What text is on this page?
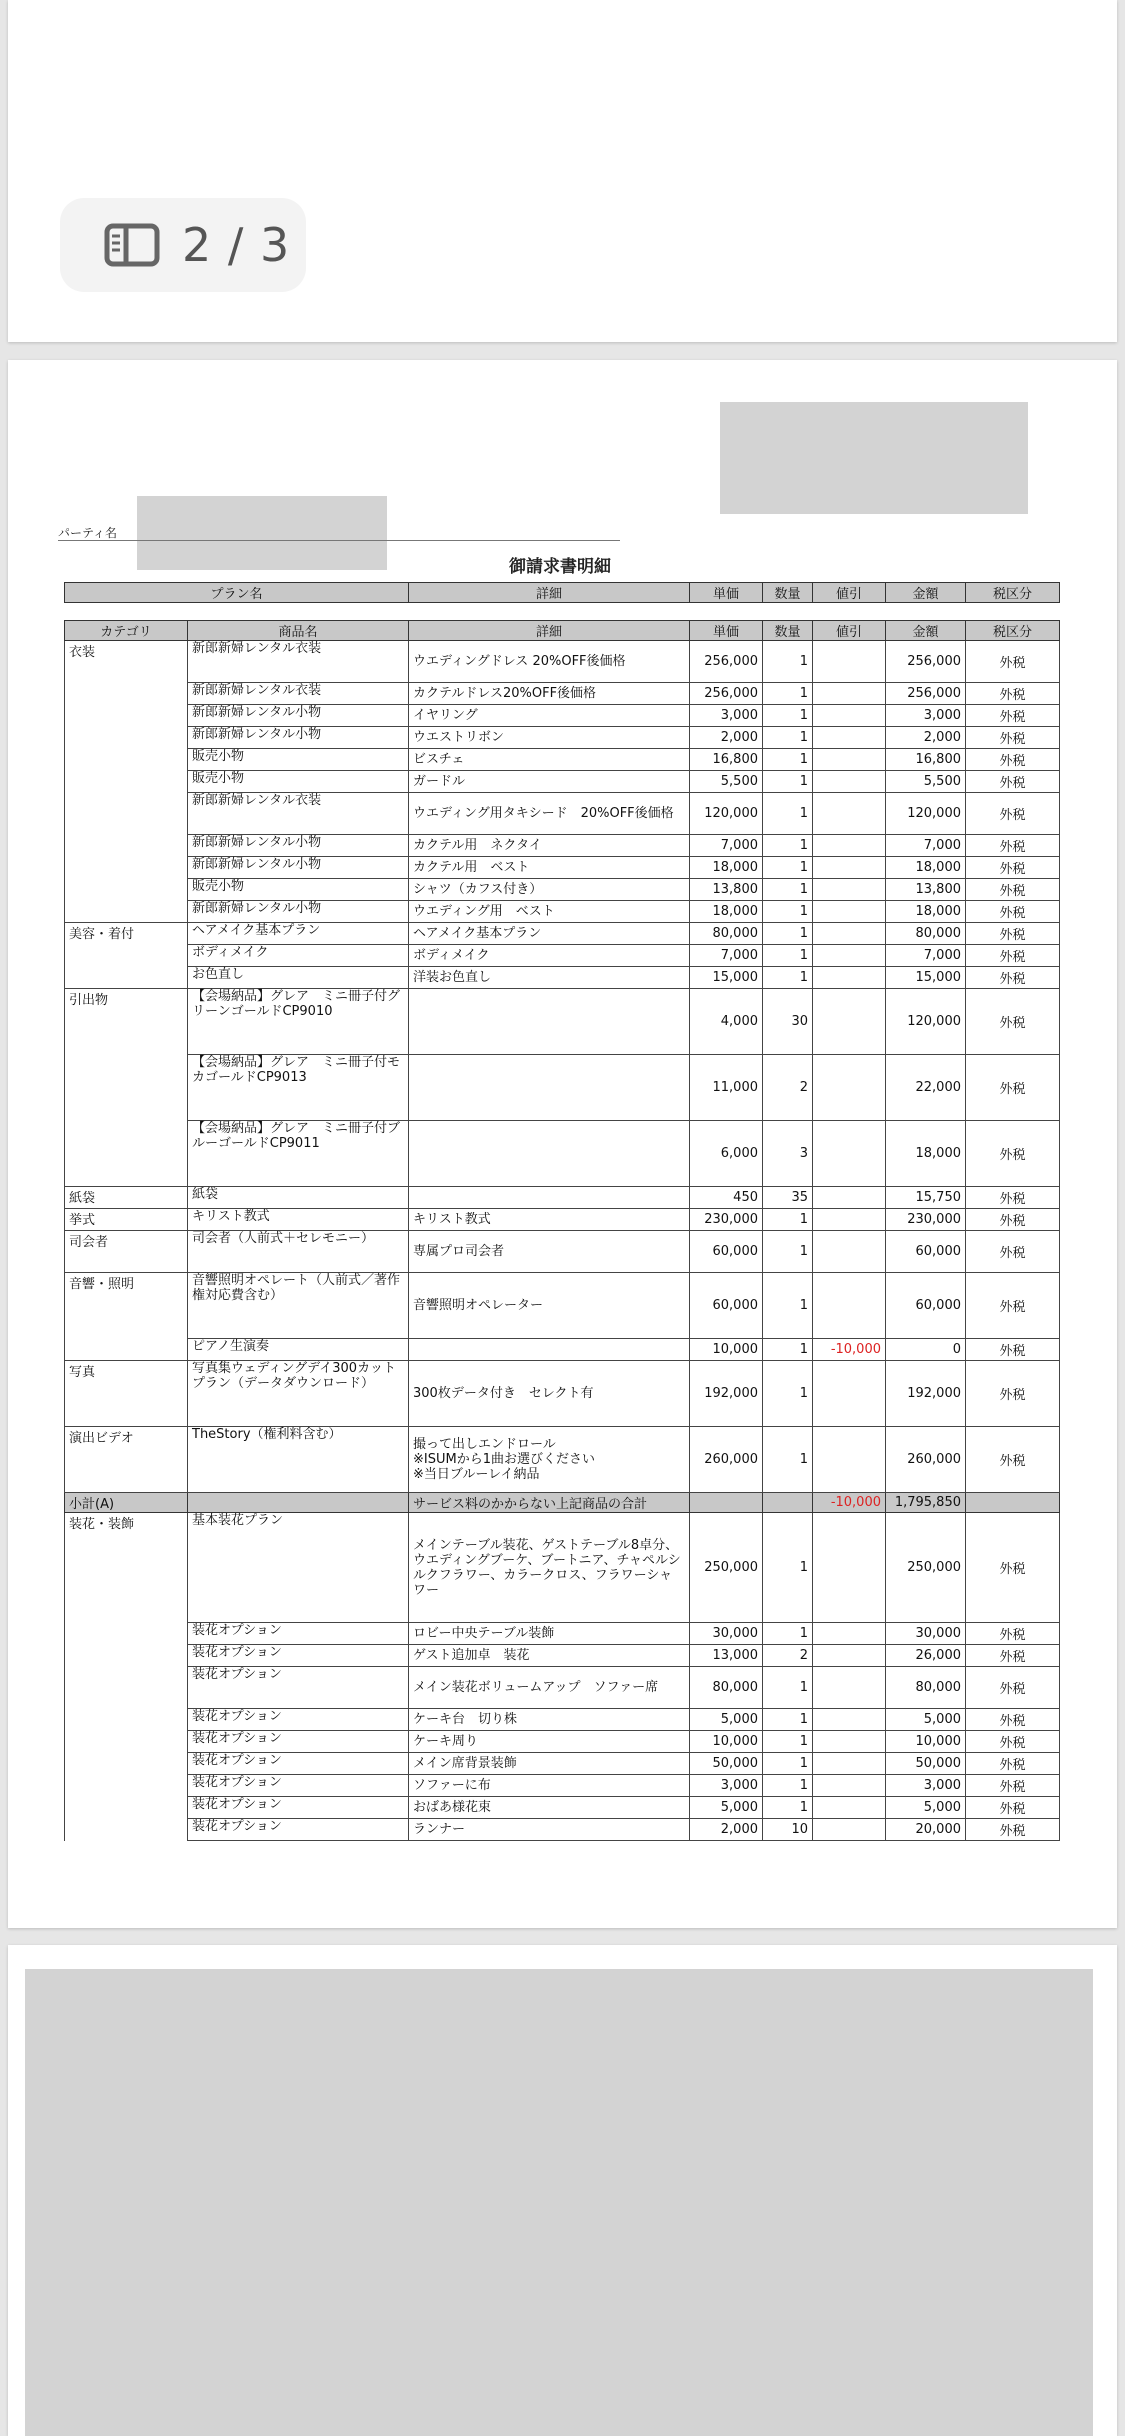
2 / 3
パーティ名
御請求書明細
プラン名	詳細	単価	数量	値引	金額	税区分
カテゴリ	商品名	詳細	単価	数量	値引	金額	税区分
衣装	新郎新婦レンタル衣装	ウエディングドレス 20%OFF後価格	256,000	1		256,000	外税
	新郎新婦レンタル衣装	カクテルドレス20%OFF後価格	256,000	1		256,000	外税
	新郎新婦レンタル小物	イヤリング	3,000	1		3,000	外税
	新郎新婦レンタル小物	ウエストリボン	2,000	1		2,000	外税
	販売小物	ビスチェ	16,800	1		16,800	外税
	販売小物	ガードル	5,500	1		5,500	外税
	新郎新婦レンタル衣装	ウエディング用タキシード　20%OFF後価格	120,000	1		120,000	外税
	新郎新婦レンタル小物	カクテル用　ネクタイ	7,000	1		7,000	外税
	新郎新婦レンタル小物	カクテル用　ベスト	18,000	1		18,000	外税
	販売小物	シャツ（カフス付き）	13,800	1		13,800	外税
	新郎新婦レンタル小物	ウエディング用　ベスト	18,000	1		18,000	外税
美容・着付	ヘアメイク基本プラン	ヘアメイク基本プラン	80,000	1		80,000	外税
	ボディメイク	ボディメイク	7,000	1		7,000	外税
	お色直し	洋装お色直し	15,000	1		15,000	外税
引出物	【会場納品】グレア　ミニ冊子付グリーンゴールドCP9010		4,000	30		120,000	外税
	【会場納品】グレア　ミニ冊子付モカゴールドCP9013		11,000	2		22,000	外税
	【会場納品】グレア　ミニ冊子付ブルーゴールドCP9011		6,000	3		18,000	外税
紙袋	紙袋		450	35		15,750	外税
挙式	キリスト教式	キリスト教式	230,000	1		230,000	外税
司会者	司会者（人前式＋セレモニー）	専属プロ司会者	60,000	1		60,000	外税
音響・照明	音響照明オペレート（人前式／著作権対応費含む）	音響照明オペレーター	60,000	1		60,000	外税
	ピアノ生演奏		10,000	1	-10,000	0	外税
写真	写真集ウェディングデイ300カットプラン（データダウンロード）	300枚データ付き　セレクト有	192,000	1		192,000	外税
演出ビデオ	TheStory（権利料含む）	撮って出しエンドロール
※ISUMから1曲お選びください
※当日ブルーレイ納品	260,000	1		260,000	外税
小計(A)		サービス料のかからない上記商品の合計			-10,000	1,795,850	
装花・装飾	基本装花プラン	メインテーブル装花、ゲストテーブル8卓分、ウエディングブーケ、ブートニア、チャペルシルクフラワー、カラークロス、フラワーシャワー	250,000	1		250,000	外税
	装花オプション	ロビー中央テーブル装飾	30,000	1		30,000	外税
	装花オプション	ゲスト追加卓　装花	13,000	2		26,000	外税
	装花オプション	メイン装花ボリュームアップ　ソファー席	80,000	1		80,000	外税
	装花オプション	ケーキ台　切り株	5,000	1		5,000	外税
	装花オプション	ケーキ周り	10,000	1		10,000	外税
	装花オプション	メイン席背景装飾	50,000	1		50,000	外税
	装花オプション	ソファーに布	3,000	1		3,000	外税
	装花オプション	おばあ様花束	5,000	1		5,000	外税
	装花オプション	ランナー	2,000	10		20,000	外税
